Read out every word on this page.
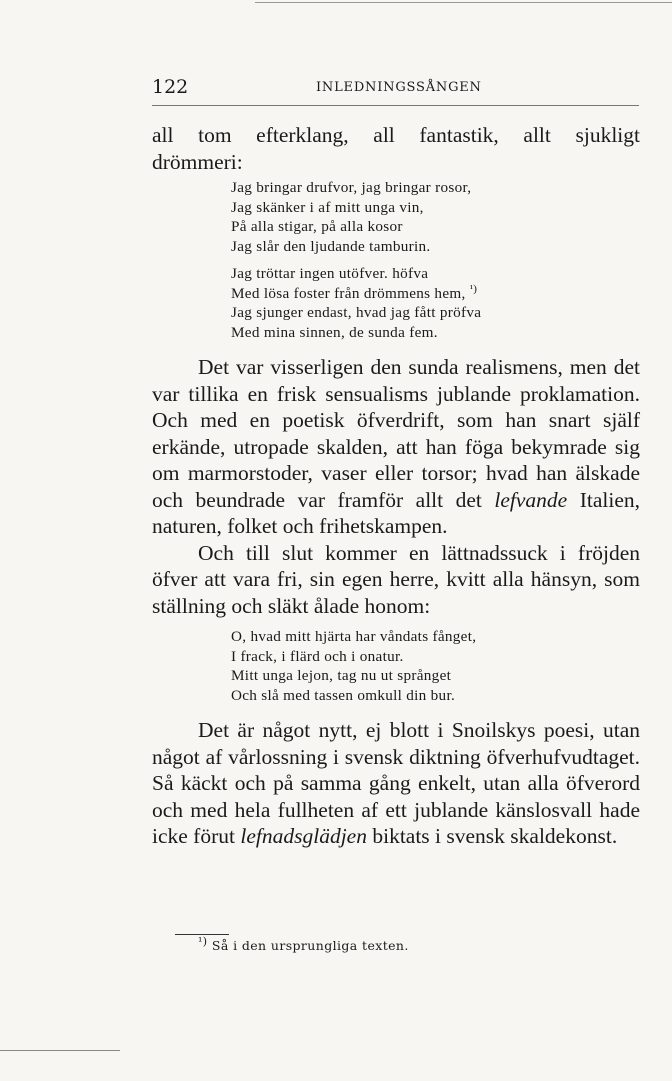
122	INLEDNINGSSÅNGEN

all tom efterklang, all fantastik, allt sjukligt

drömmeri:

Jag bringar drufvor, jag bringar rosor,
Jag skänker i af mitt unga vin,
På alla stigar, på alla kosor
Jag slår den ljudande tamburin.
Jag tröttar ingen utöfver. höfva
Med lösa foster från drömmens hem, $^{^1)}$
Jag sjunger endast, hvad jag fått pröfva
Med mina sinnen, de sunda fem.

Det var visserligen den sunda realismens, men det var tillika en frisk sensualisms jublande proklamation. Och med en poetisk öfverdrift, som han snart själf erkände, utropade skalden, att han föga bekymrade sig om marmorstoder, vaser eller torsor; hvad han älskade och beundrade var framför allt det lefvande Italien, naturen, folket och frihetskampen.

Och till slut kommer en lättnadssuck i fröjden öfver att vara fri, sin egen herre, kvitt alla hänsyn, som ställning och släkt ålade honom:

O, hvad mitt hjärta har våndats fånget,
I frack, i flärd och i onatur.
Mitt unga lejon, tag nu ut språnget
Och slå med tassen omkull din bur.

Det är något nytt, ej blott i Snoilskys poesi, utan något af vårlossning i svensk diktning öfverhufvudtaget. Så käckt och på samma gång enkelt, utan alla öfverord och med hela fullheten af ett jublande känslosvall hade icke förut lefnadsglädjen biktats i svensk skaldekonst.

¹) Så i den ursprungliga texten.
